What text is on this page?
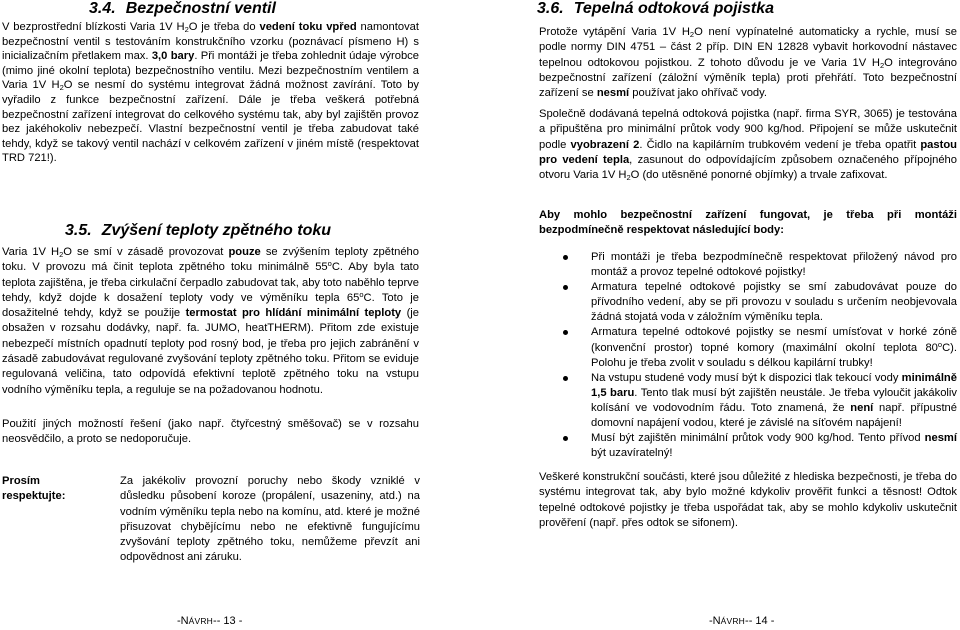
3.4. Bezpečnostní ventil

V bezprostřední blízkosti Varia 1V $H_2O$ je třeba do vedení toku vpřed namontovat bezpečnostní ventil s testováním konstrukčního vzorku (poznávací písmeno H) s inicializačním přetlakem max. 3,0 bary. Při montáži je třeba zohlednit údaje výrobce (mimo jiné okolní teplota) bezpečnostního ventilu. Mezi bezpečnostním ventilem a Varia 1V $H_2O$ se nesmí do systému integrovat žádná možnost zavírání. Toto by vyřadilo z funkce bezpečnostní zařízení. Dále je třeba veškerá potřebná bezpečnostní zařízení integrovat do celkového systému tak, aby byl zajištěn provoz bez jakéhokoliv nebezpečí. Vlastní bezpečnostní ventil je třeba zabudovat také tehdy, když se takový ventil nachází v celkovém zařízení v jiném místě (respektovat TRD 721!).

3.5. Zvýšení teploty zpětného toku

Varia 1V $H_2O$ se smí v zásadě provozovat pouze se zvýšením teploty zpětného toku. V provozu má činit teplota zpětného toku minimálně 55$^o$C. Aby byla tato teplota zajištěna, je třeba cirkulační čerpadlo zabudovat tak, aby toto naběhlo teprve tehdy, když dojde k dosažení teploty vody ve výměníku tepla 65$^o$C. Toto je dosažitelné tehdy, když se použije termostat pro hlídání minimální teploty (je obsažen v rozsahu dodávky, např. fa. JUMO, heatTHERM). Přitom zde existuje nebezpečí místních opadnutí teploty pod rosný bod, je třeba pro jejich zabránění v zásadě zabudovávat regulované zvyšování teploty zpětného toku. Přitom se eviduje regulovaná veličina, tato odpovídá efektivní teplotě zpětného toku na vstupu vodního výměníku tepla, a reguluje se na požadovanou hodnotu.

Použití jiných možností řešení (jako např. čtyřcestný směšovač) se v rozsahu neosvědčilo, a proto se nedoporučuje.

Prosím
respektujte:

Za jakékoliv provozní poruchy nebo škody vzniklé v důsledku působení koroze (propálení, usazeniny, atd.) na vodním výměníku tepla nebo na komínu, atd. které je možné přisuzovat chybějícímu nebo ne efektivně fungujícímu zvyšování teploty zpětného toku, nemůžeme převzít ani odpovědnost ani záruku.

-NÁVRH-- 13 -
3.6. Tepelná odtoková pojistka

Protože vytápění Varia 1V $H_2O$ není vypínatelné automaticky a rychle, musí se podle normy DIN 4751 – část 2 příp. DIN EN 12828 vybavit horkovodní nástavec tepelnou odtokovou pojistkou. Z tohoto důvodu je ve Varia 1V $H_2O$ integrováno bezpečnostní zařízení (záložní výměník tepla) proti přehřátí. Toto bezpečnostní zařízení se nesmí používat jako ohřívač vody.

Společně dodávaná tepelná odtoková pojistka (např. firma SYR, 3065) je testována a připuštěna pro minimální průtok vody 900 kg/hod. Připojení se může uskutečnit podle vyobrazení 2. Čidlo na kapilárním trubkovém vedení je třeba opatřit pastou pro vedení tepla, zasunout do odpovídajícím způsobem označeného přípojného otvoru Varia 1V $H_2O$ (do utěsněné ponorné objímky) a trvale zafixovat.

Aby mohlo bezpečnostní zařízení fungovat, je třeba při montáži bezpodmínečně respektovat následující body:

Při montáži je třeba bezpodmínečně respektovat přiložený návod pro montáž a provoz tepelné odtokové pojistky!
Armatura tepelné odtokové pojistky se smí zabudovávat pouze do přívodního vedení, aby se při provozu v souladu s určením neobjevovala žádná stojatá voda v záložním výměníku tepla.
Armatura tepelné odtokové pojistky se nesmí umísťovat v horké zóně (konvenční prostor) topné komory (maximální okolní teplota 80$^o$C). Polohu je třeba zvolit v souladu s délkou kapilární trubky!
Na vstupu studené vody musí být k dispozici tlak tekoucí vody minimálně 1,5 baru. Tento tlak musí být zajištěn neustále. Je třeba vyloučit jakákoliv kolísání ve vodovodním řádu. Toto znamená, že není např. přípustné domovní napájení vodou, které je závislé na síťovém napájení!
Musí být zajištěn minimální průtok vody 900 kg/hod. Tento přívod nesmí být uzavíratelný!

Veškeré konstrukční součásti, které jsou důležité z hlediska bezpečnosti, je třeba do systému integrovat tak, aby bylo možné kdykoliv prověřit funkci a těsnost! Odtok tepelné odtokové pojistky je třeba uspořádat tak, aby se mohlo kdykoliv uskutečnit prověření (např. přes odtok se sifonem).

-NÁVRH-- 14 -
